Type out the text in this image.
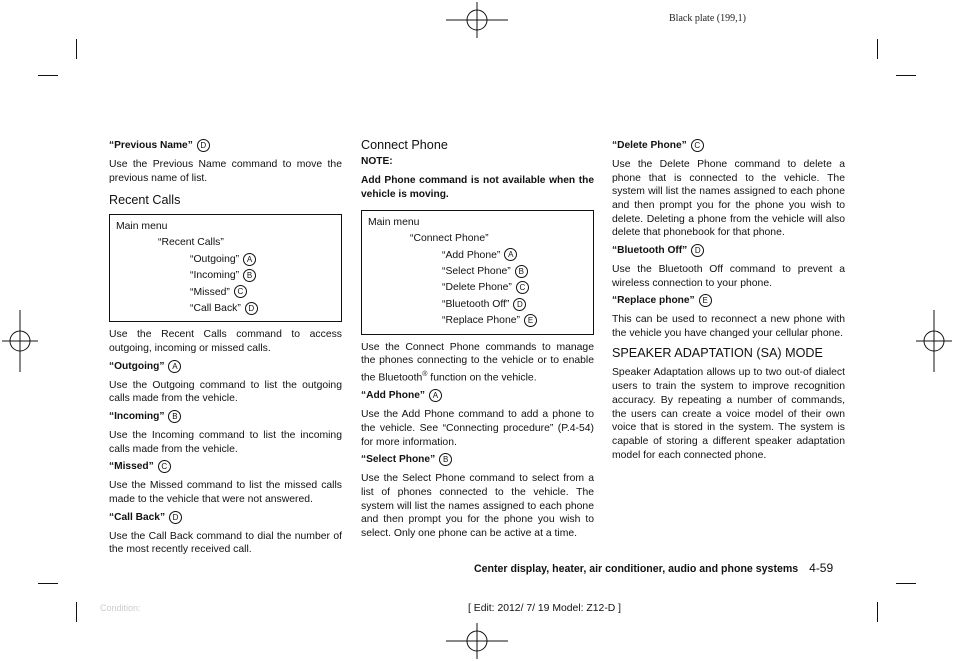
Black plate (199,1)
“Previous Name” D

Use the Previous Name command to move the previous name of list.

Recent Calls
Main menu
“Recent Calls”
“Outgoing” A
“Incoming” B
“Missed” C
“Call Back” D

Use the Recent Calls command to access outgoing, incoming or missed calls.

“Outgoing” A

Use the Outgoing command to list the outgoing calls made from the vehicle.

“Incoming” B

Use the Incoming command to list the incoming calls made from the vehicle.

“Missed” C

Use the Missed command to list the missed calls made to the vehicle that were not answered.

“Call Back” D

Use the Call Back command to dial the number of the most recently received call.

Connect Phone
NOTE:

Add Phone command is not available when the vehicle is moving.

Main menu
“Connect Phone”
“Add Phone” A
“Select Phone” B
“Delete Phone” C
“Bluetooth Off” D
“Replace Phone” E

Use the Connect Phone commands to manage the phones connecting to the vehicle or to enable the Bluetooth® function on the vehicle.

“Add Phone” A

Use the Add Phone command to add a phone to the vehicle. See “Connecting procedure” (P.4-54) for more information.

“Select Phone” B

Use the Select Phone command to select from a list of phones connected to the vehicle. The system will list the names assigned to each phone and then prompt you for the phone you wish to select. Only one phone can be active at a time.

“Delete Phone” C

Use the Delete Phone command to delete a phone that is connected to the vehicle. The system will list the names assigned to each phone and then prompt you for the phone you wish to delete. Deleting a phone from the vehicle will also delete that phonebook for that phone.

“Bluetooth Off” D

Use the Bluetooth Off command to prevent a wireless connection to your phone.

“Replace phone” E

This can be used to reconnect a new phone with the vehicle you have changed your cellular phone.

SPEAKER ADAPTATION (SA) MODE

Speaker Adaptation allows up to two out-of dialect users to train the system to improve recognition accuracy. By repeating a number of commands, the users can create a voice model of their own voice that is stored in the system. The system is capable of storing a different speaker adaptation model for each connected phone.

Center display, heater, air conditioner, audio and phone systems 4-59
Condition:	[ Edit: 2012/ 7/ 19 Model: Z12-D ]
